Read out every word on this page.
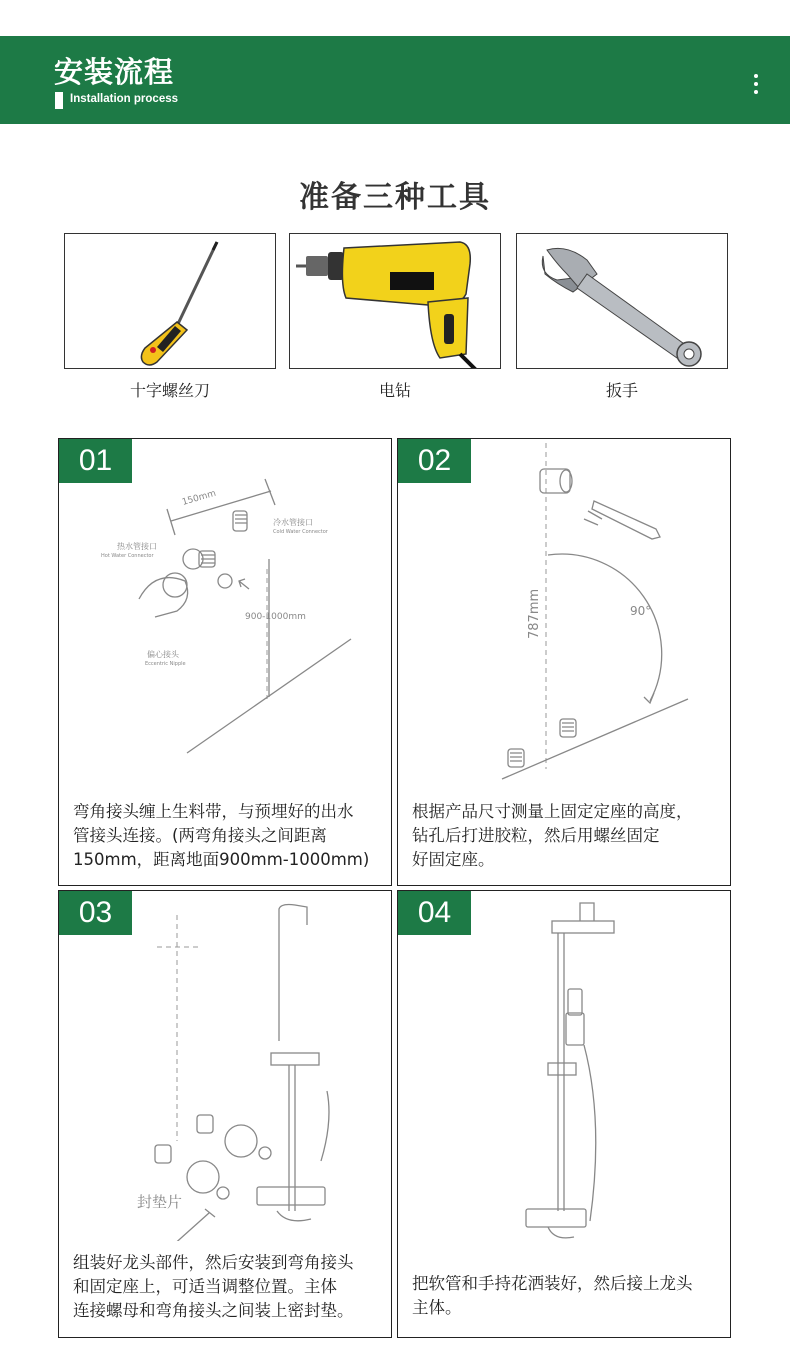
安装流程
Installation process
准备三种工具
十字螺丝刀	电钻	扳手
150mm
热水管接口
Hot Water Connector
冷水管接口
Cold Water Connector
900-1000mm
偏心接头
Eccentric Nipple
01
弯角接头缠上生料带，与预埋好的出水
管接头连接。(两弯角接头之间距离
150mm，距离地面900mm-1000mm)
90°
787mm
02
根据产品尺寸测量上固定定座的高度，
钻孔后打进胶粒，然后用螺丝固定
好固定座。
封垫片
03
组装好龙头部件，然后安装到弯角接头
和固定座上，可适当调整位置。主体
连接螺母和弯角接头之间装上密封垫。
04
把软管和手持花洒装好，然后接上龙头
主体。
